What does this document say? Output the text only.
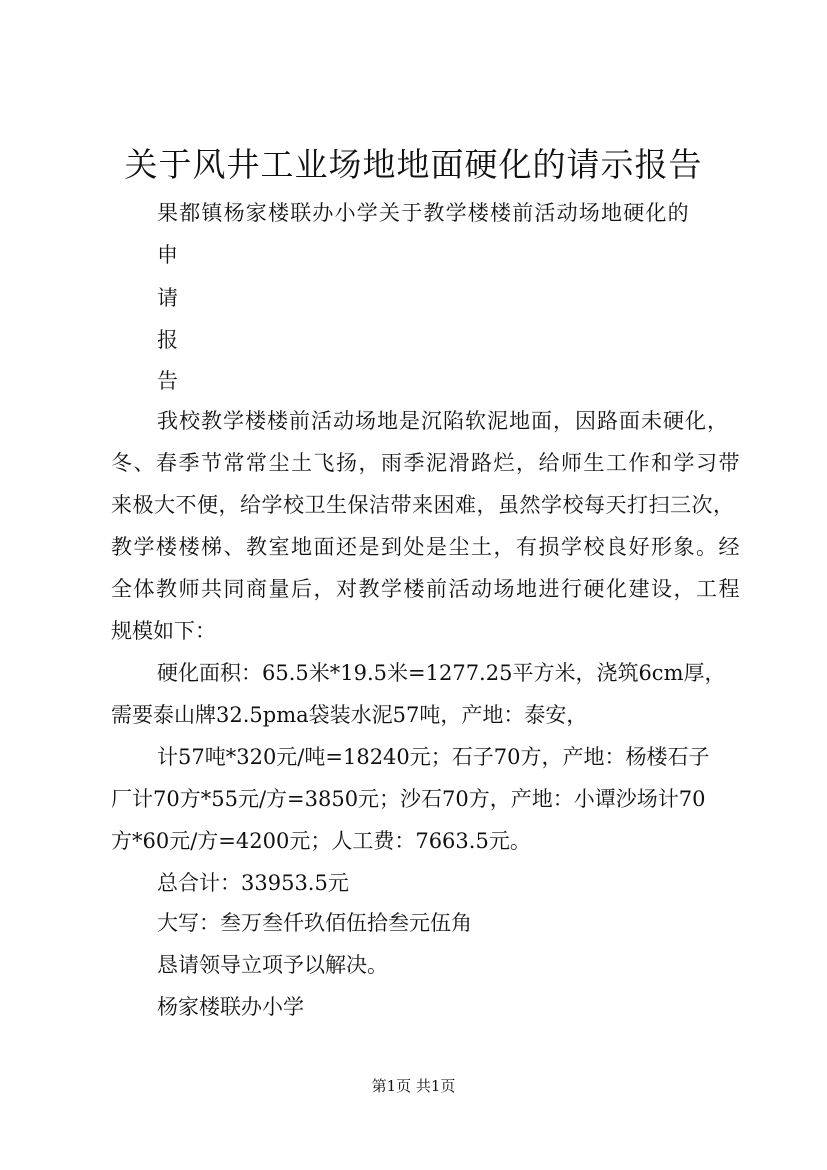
关于风井工业场地地面硬化的请示报告
果都镇杨家楼联办小学关于教学楼楼前活动场地硬化的
申
请
报
告
我校教学楼楼前活动场地是沉陷软泥地面，因路面未硬化，
冬、春季节常常尘土飞扬，雨季泥滑路烂，给师生工作和学习带
来极大不便，给学校卫生保洁带来困难，虽然学校每天打扫三次，
教学楼楼梯、教室地面还是到处是尘土，有损学校良好形象。经
全体教师共同商量后，对教学楼前活动场地进行硬化建设，工程
规模如下：
硬化面积：65.5米*19.5米=1277.25平方米，浇筑6cm厚，
需要泰山牌32.5pma袋装水泥57吨，产地：泰安，
计57吨*320元/吨=18240元；石子70方，产地：杨楼石子
厂计70方*55元/方=3850元；沙石70方，产地：小谭沙场计70
方*60元/方=4200元；人工费：7663.5元。
总合计：33953.5元
大写：叁万叁仟玖佰伍拾叁元伍角
恳请领导立项予以解决。
杨家楼联办小学
第1页 共1页
